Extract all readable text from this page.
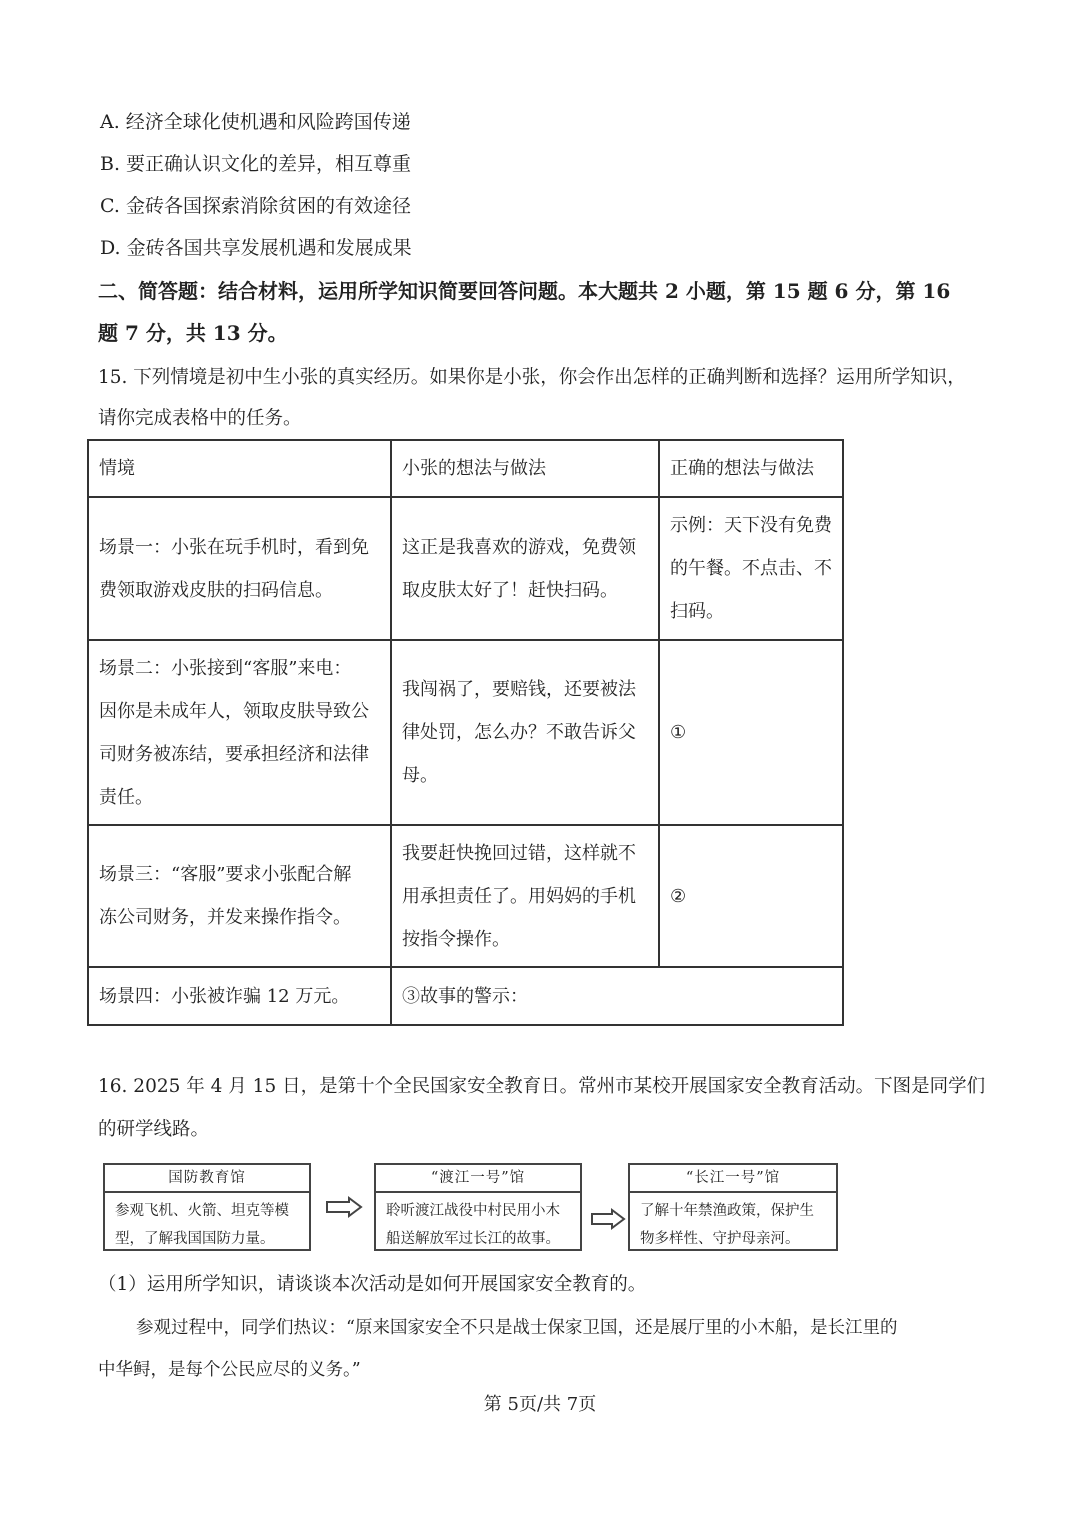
A. 经济全球化使机遇和风险跨国传递
B. 要正确认识文化的差异，相互尊重
C. 金砖各国探索消除贫困的有效途径
D. 金砖各国共享发展机遇和发展成果
二、简答题：结合材料，运用所学知识简要回答问题。本大题共 2 小题，第 15 题 6 分，第 16
题 7 分，共 13 分。
15. 下列情境是初中生小张的真实经历。如果你是小张，你会作出怎样的正确判断和选择？运用所学知识，
请你完成表格中的任务。
情境	小张的想法与做法	正确的想法与做法

场景一：小张在玩手机时，看到免
费领取游戏皮肤的扫码信息。	这正是我喜欢的游戏，免费领
取皮肤太好了！赶快扫码。	示例：天下没有免费
的午餐。不点击、不
扫码。

场景二：小张接到“客服”来电：
因你是未成年人，领取皮肤导致公
司财务被冻结，要承担经济和法律
责任。	我闯祸了，要赔钱，还要被法
律处罚，怎么办？不敢告诉父
母。	①

场景三：“客服”要求小张配合解
冻公司财务，并发来操作指令。	我要赶快挽回过错，这样就不
用承担责任了。用妈妈的手机
按指令操作。	②
场景四：小张被诈骗 12 万元。	③故事的警示：	
16. 2025 年 4 月 15 日，是第十个全民国家安全教育日。常州市某校开展国家安全教育活动。下图是同学们
的研学线路。
国防教育馆
参观飞机、火箭、坦克等模型，了解我国国防力量。
“渡江一号”馆
聆听渡江战役中村民用小木船送解放军过长江的故事。
“长江一号”馆
了解十年禁渔政策，保护生物多样性、守护母亲河。
（1）运用所学知识，请谈谈本次活动是如何开展国家安全教育的。
参观过程中，同学们热议：“原来国家安全不只是战士保家卫国，还是展厅里的小木船，是长江里的
中华鲟，是每个公民应尽的义务。”
第 5页/共 7页
